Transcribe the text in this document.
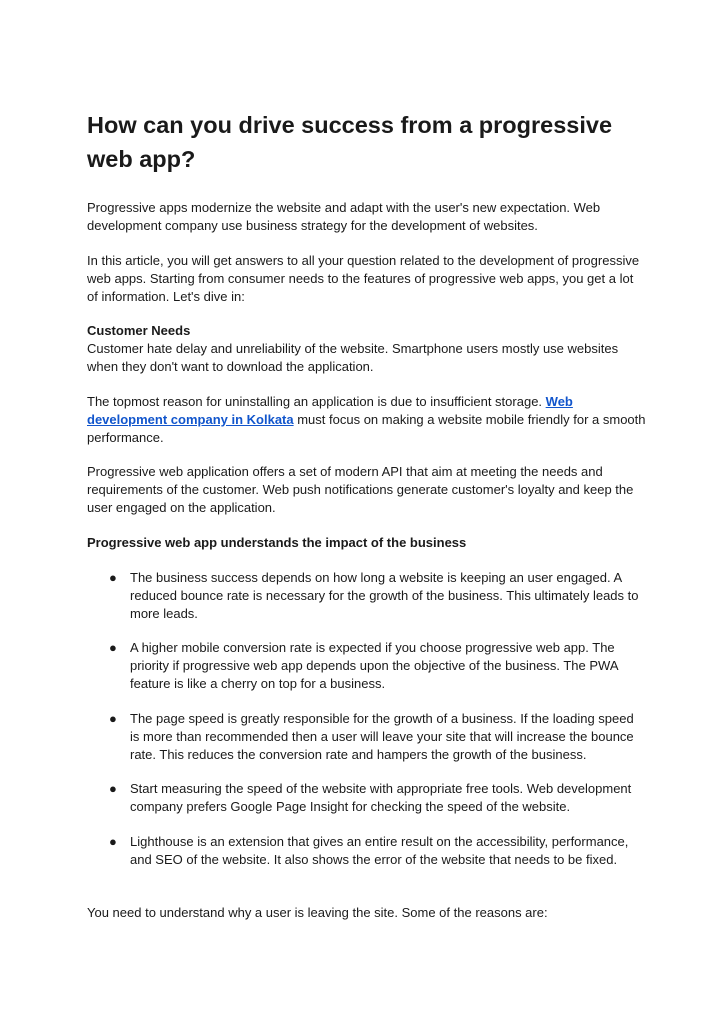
How can you drive success from a progressive web app?
Progressive apps modernize the website and adapt with the user's new expectation. Web development company use business strategy for the development of websites.
In this article, you will get answers to all your question related to the development of progressive web apps. Starting from consumer needs to the features of progressive web apps, you get a lot of information. Let's dive in:
Customer Needs
Customer hate delay and unreliability of the website. Smartphone users mostly use websites when they don't want to download the application.
The topmost reason for uninstalling an application is due to insufficient storage. Web development company in Kolkata must focus on making a website mobile friendly for a smooth performance.
Progressive web application offers a set of modern API that aim at meeting the needs and requirements of the customer. Web push notifications generate customer's loyalty and keep the user engaged on the application.
Progressive web app understands the impact of the business
● The business success depends on how long a website is keeping an user engaged. A reduced bounce rate is necessary for the growth of the business. This ultimately leads to more leads.
● A higher mobile conversion rate is expected if you choose progressive web app. The priority if progressive web app depends upon the objective of the business. The PWA feature is like a cherry on top for a business.
● The page speed is greatly responsible for the growth of a business. If the loading speed is more than recommended then a user will leave your site that will increase the bounce rate. This reduces the conversion rate and hampers the growth of the business.
● Start measuring the speed of the website with appropriate free tools. Web development company prefers Google Page Insight for checking the speed of the website.
● Lighthouse is an extension that gives an entire result on the accessibility, performance, and SEO of the website. It also shows the error of the website that needs to be fixed.
You need to understand why a user is leaving the site. Some of the reasons are:
